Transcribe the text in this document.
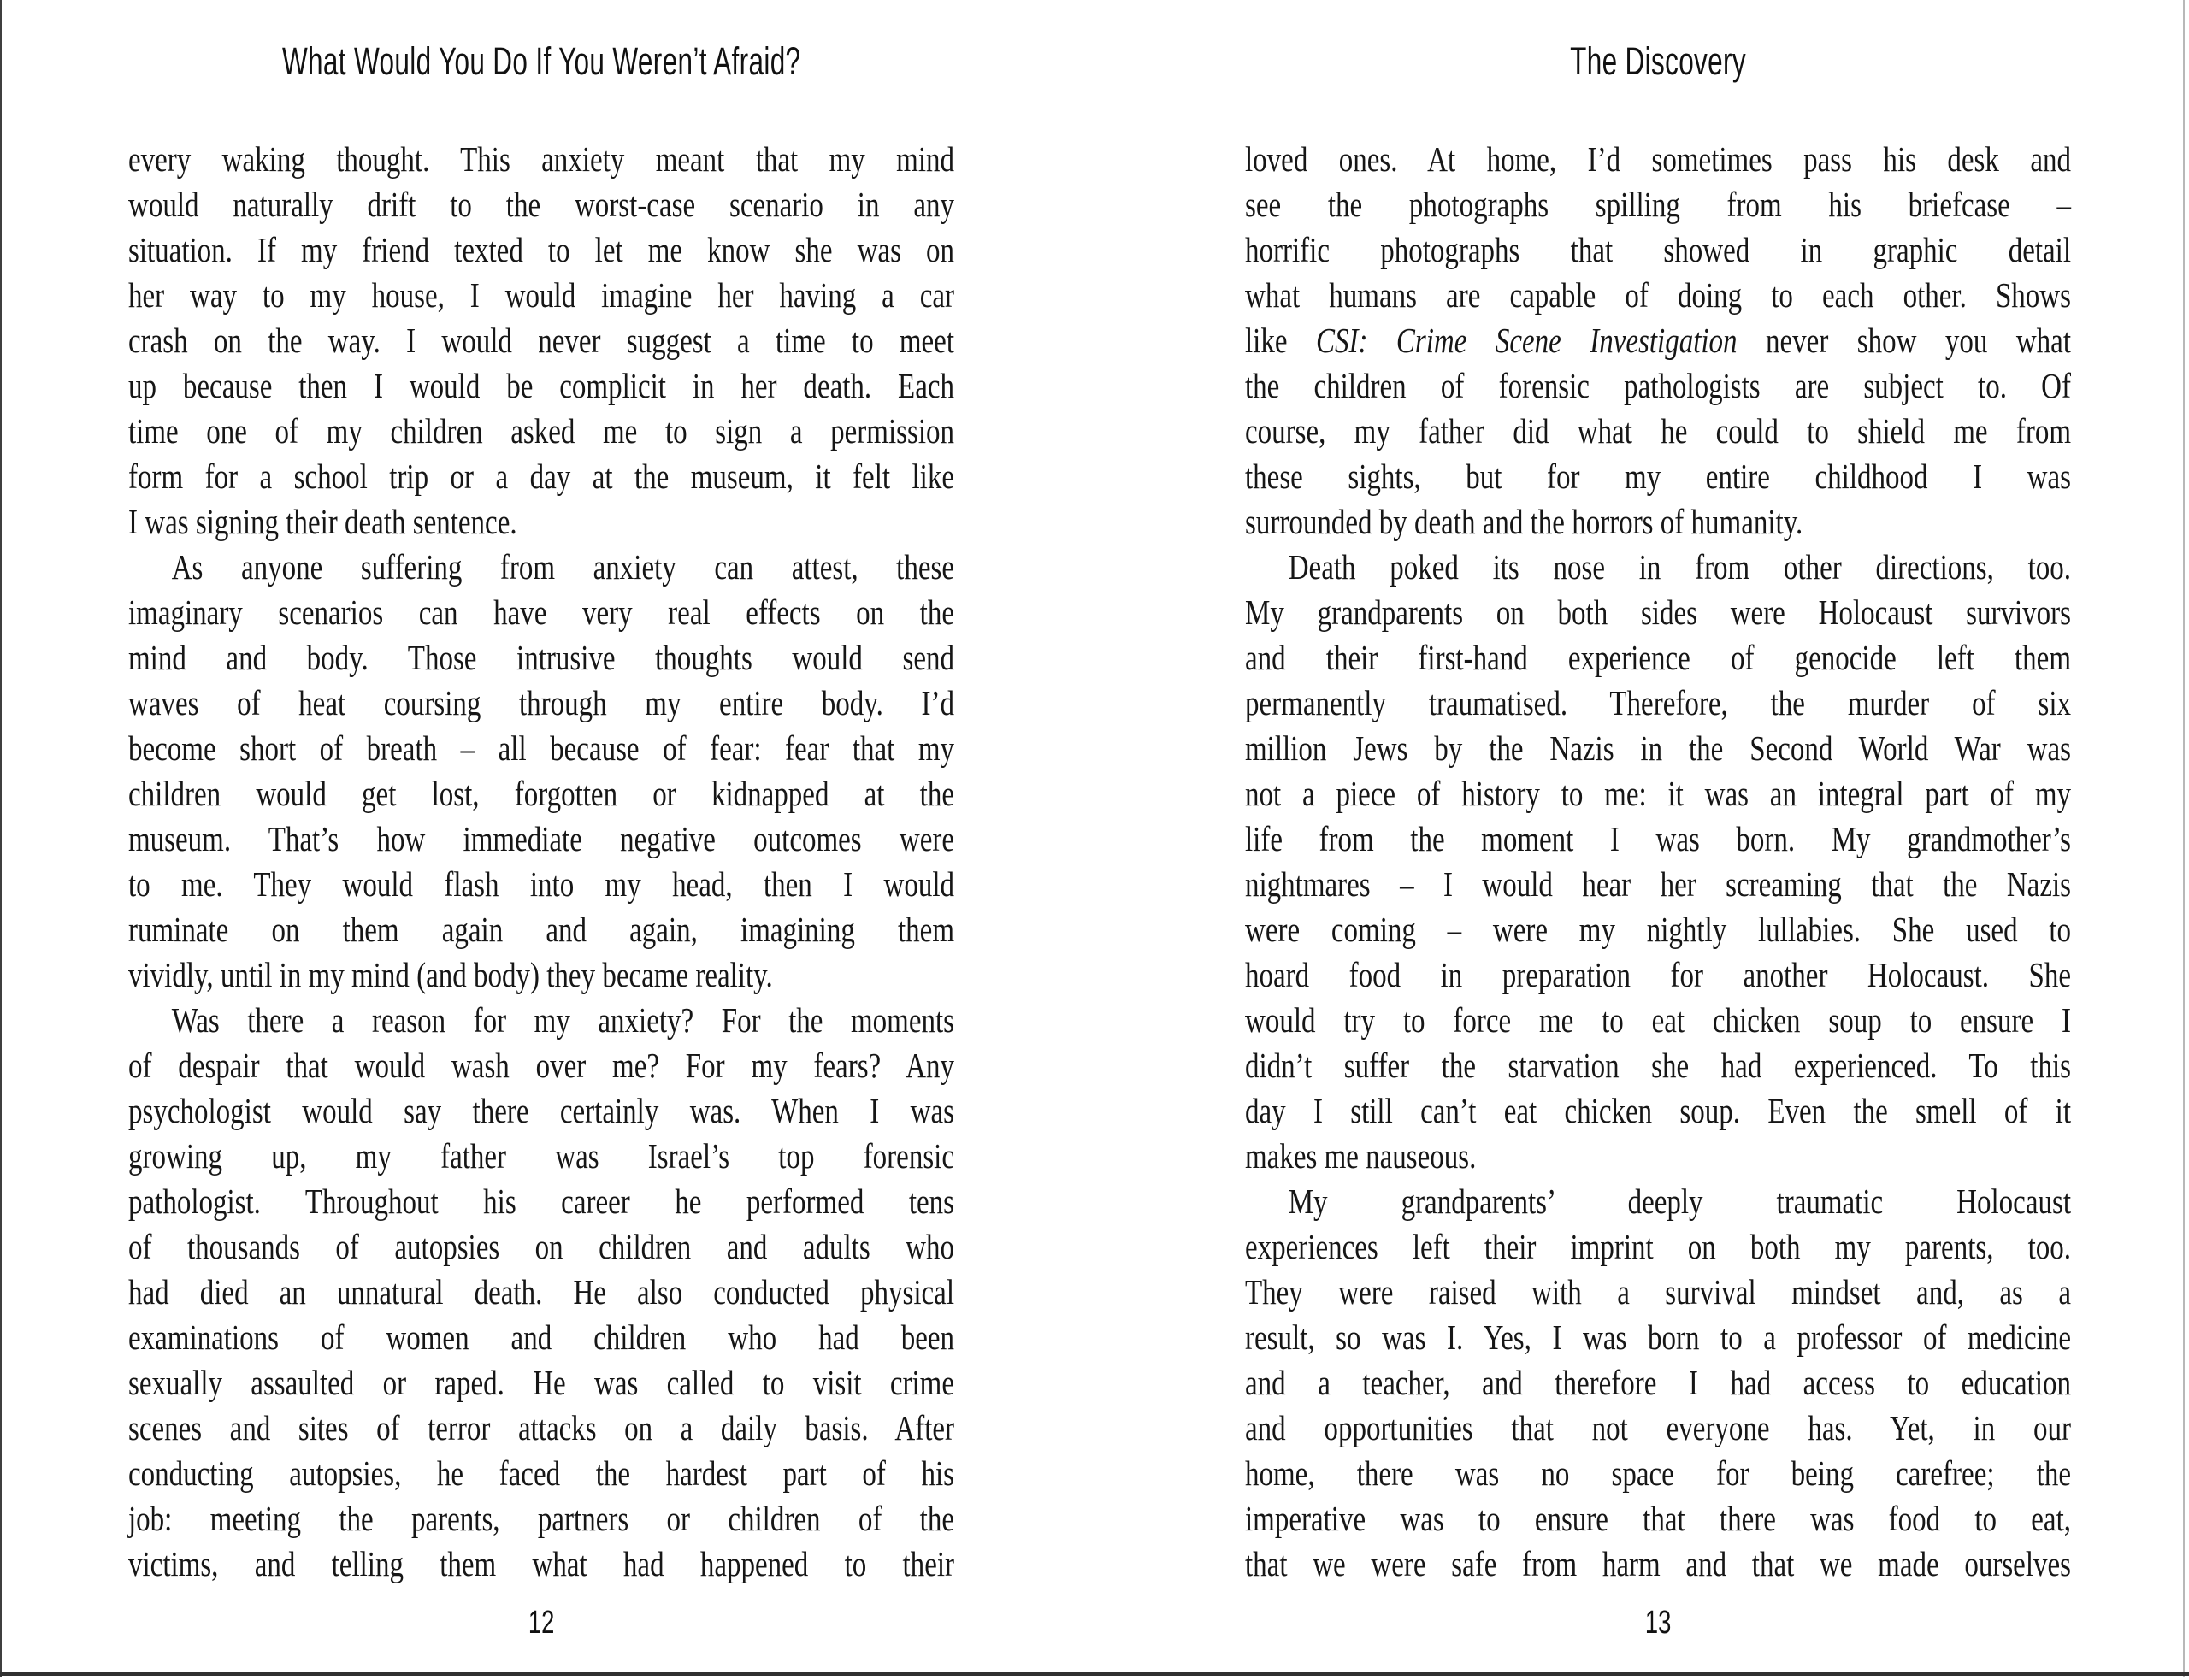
What Would You Do If You Weren’t Afraid?
every waking thought. This anxiety meant that my mind
would naturally drift to the worst-case scenario in any
situation. If my friend texted to let me know she was on
her way to my house, I would imagine her having a car
crash on the way. I would never suggest a time to meet
up because then I would be complicit in her death. Each
time one of my children asked me to sign a permission
form for a school trip or a day at the museum, it felt like
I was signing their death sentence.
As anyone suffering from anxiety can attest, these
imaginary scenarios can have very real effects on the
mind and body. Those intrusive thoughts would send
waves of heat coursing through my entire body. I’d
become short of breath – all because of fear: fear that my
children would get lost, forgotten or kidnapped at the
museum. That’s how immediate negative outcomes were
to me. They would flash into my head, then I would
ruminate on them again and again, imagining them
vividly, until in my mind (and body) they became reality.
Was there a reason for my anxiety? For the moments
of despair that would wash over me? For my fears? Any
psychologist would say there certainly was. When I was
growing up, my father was Israel’s top forensic
pathologist. Throughout his career he performed tens
of thousands of autopsies on children and adults who
had died an unnatural death. He also conducted physical
examinations of women and children who had been
sexually assaulted or raped. He was called to visit crime
scenes and sites of terror attacks on a daily basis. After
conducting autopsies, he faced the hardest part of his
job: meeting the parents, partners or children of the
victims, and telling them what had happened to their
12
The Discovery
loved ones. At home, I’d sometimes pass his desk and
see the photographs spilling from his briefcase –
horrific photographs that showed in graphic detail
what humans are capable of doing to each other. Shows
like CSI: Crime Scene Investigation never show you what
the children of forensic pathologists are subject to. Of
course, my father did what he could to shield me from
these sights, but for my entire childhood I was
surrounded by death and the horrors of humanity.
Death poked its nose in from other directions, too.
My grandparents on both sides were Holocaust survivors
and their first-hand experience of genocide left them
permanently traumatised. Therefore, the murder of six
million Jews by the Nazis in the Second World War was
not a piece of history to me: it was an integral part of my
life from the moment I was born. My grandmother’s
nightmares – I would hear her screaming that the Nazis
were coming – were my nightly lullabies. She used to
hoard food in preparation for another Holocaust. She
would try to force me to eat chicken soup to ensure I
didn’t suffer the starvation she had experienced. To this
day I still can’t eat chicken soup. Even the smell of it
makes me nauseous.
My grandparents’ deeply traumatic Holocaust
experiences left their imprint on both my parents, too.
They were raised with a survival mindset and, as a
result, so was I. Yes, I was born to a professor of medicine
and a teacher, and therefore I had access to education
and opportunities that not everyone has. Yet, in our
home, there was no space for being carefree; the
imperative was to ensure that there was food to eat,
that we were safe from harm and that we made ourselves
13
